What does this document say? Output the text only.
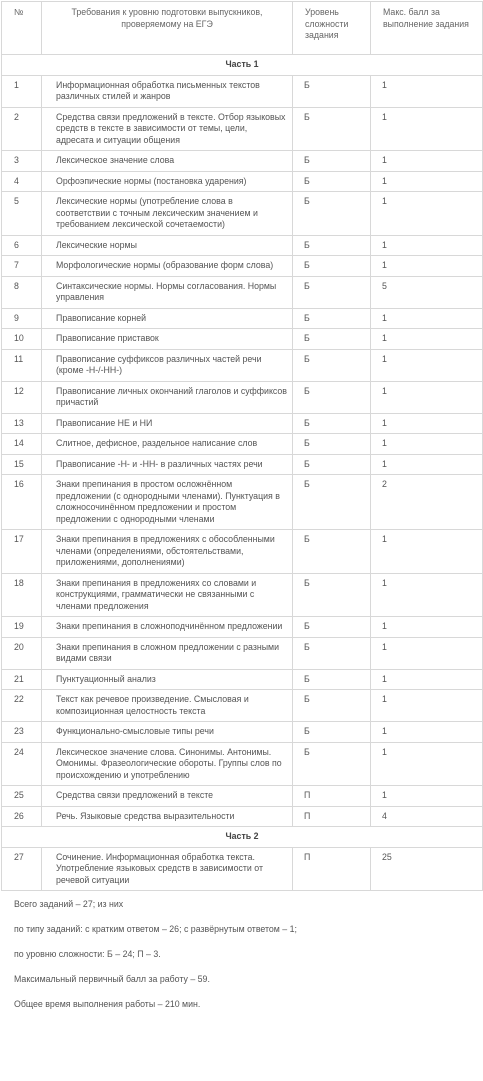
№	Требования к уровню подготовки выпускников, проверяемому на ЕГЭ	Уровень сложности задания	Макс. балл за выполнение задания
Часть 1			
1	Информационная обработка письменных текстов различных стилей и жанров	Б	1
2	Средства связи предложений в тексте. Отбор языковых средств в тексте в зависимости от темы, цели, адресата и ситуации общения	Б	1
3	Лексическое значение слова	Б	1
4	Орфоэпические нормы (постановка ударения)	Б	1
5	Лексические нормы (употребление слова в соответствии с точным лексическим значением и требованием лексической сочетаемости)	Б	1
6	Лексические нормы	Б	1
7	Морфологические нормы (образование форм слова)	Б	1
8	Синтаксические нормы. Нормы согласования. Нормы управления	Б	5
9	Правописание корней	Б	1
10	Правописание приставок	Б	1
11	Правописание суффиксов различных частей речи (кроме -Н-/-НН-)	Б	1
12	Правописание личных окончаний глаголов и суффиксов причастий	Б	1
13	Правописание НЕ и НИ	Б	1
14	Слитное, дефисное, раздельное написание слов	Б	1
15	Правописание -Н- и -НН- в различных частях речи	Б	1
16	Знаки препинания в простом осложнённом предложении (с однородными членами). Пунктуация в сложносочинённом предложении и простом предложении с однородными членами	Б	2
17	Знаки препинания в предложениях с обособленными членами (определениями, обстоятельствами, приложениями, дополнениями)	Б	1
18	Знаки препинания в предложениях со словами и конструкциями, грамматически не связанными с членами предложения	Б	1
19	Знаки препинания в сложноподчинённом предложении	Б	1
20	Знаки препинания в сложном предложении с разными видами связи	Б	1
21	Пунктуационный анализ	Б	1
22	Текст как речевое произведение. Смысловая и композиционная целостность текста	Б	1
23	Функционально-смысловые типы речи	Б	1
24	Лексическое значение слова. Синонимы. Антонимы. Омонимы. Фразеологические обороты. Группы слов по происхождению и употреблению	Б	1
25	Средства связи предложений в тексте	П	1
26	Речь. Языковые средства выразительности	П	4
Часть 2			
27	Сочинение. Информационная обработка текста. Употребление языковых средств в зависимости от речевой ситуации	П	25

Всего заданий – 27; из них

по типу заданий: с кратким ответом – 26; с развёрнутым ответом – 1;

по уровню сложности: Б – 24; П – 3.

Максимальный первичный балл за работу – 59.

Общее время выполнения работы – 210 мин.
